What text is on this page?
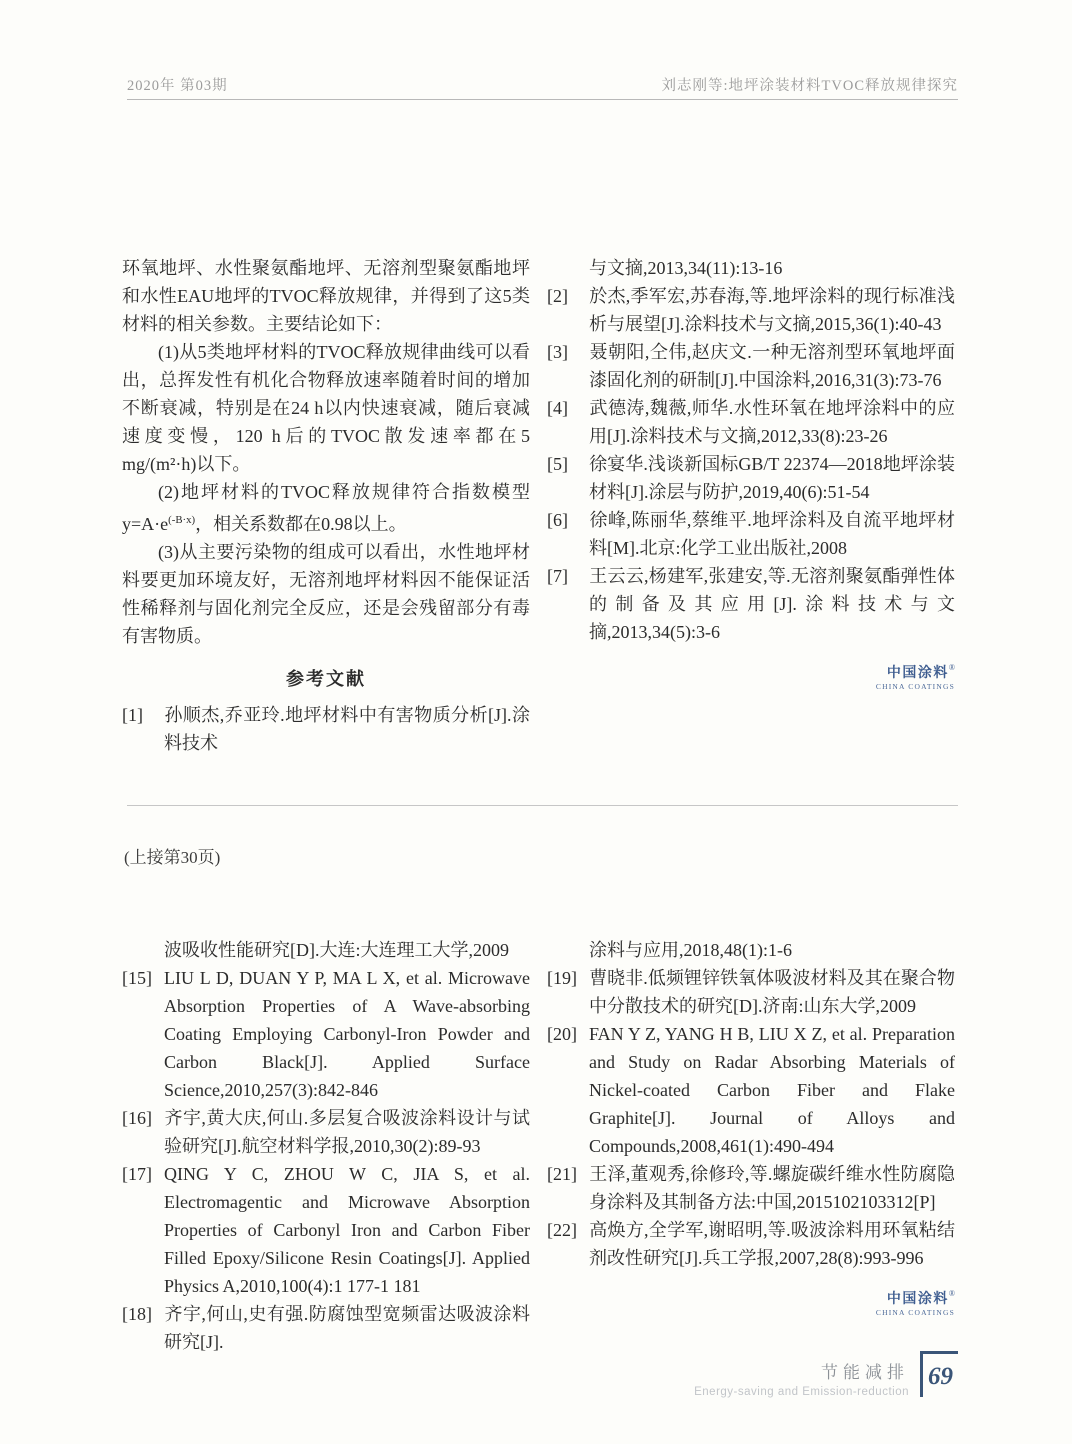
2020年 第03期	刘志刚等:地坪涂装材料TVOC释放规律探究

环氧地坪、水性聚氨酯地坪、无溶剂型聚氨酯地坪和水性EAU地坪的TVOC释放规律，并得到了这5类材料的相关参数。主要结论如下：

(1)从5类地坪材料的TVOC释放规律曲线可以看出，总挥发性有机化合物释放速率随着时间的增加不断衰减，特别是在24 h以内快速衰减，随后衰减速度变慢，120 h后的TVOC散发速率都在5 mg/(m²·h)以下。

(2)地坪材料的TVOC释放规律符合指数模型$y=A\cdot e^{(-B\cdot x)}$，相关系数都在0.98以上。

(3)从主要污染物的组成可以看出，水性地坪材料要更加环境友好，无溶剂地坪材料因不能保证活性稀释剂与固化剂完全反应，还是会残留部分有毒有害物质。

参考文献
[1] 孙顺杰,乔亚玲.地坪材料中有害物质分析[J].涂料技术
与文摘,2013,34(11):13-16
[2] 於杰,季军宏,苏春海,等.地坪涂料的现行标准浅析与展望[J].涂料技术与文摘,2015,36(1):40-43
[3] 聂朝阳,仝伟,赵庆文.一种无溶剂型环氧地坪面漆固化剂的研制[J].中国涂料,2016,31(3):73-76
[4] 武德涛,魏薇,师华.水性环氧在地坪涂料中的应用[J].涂料技术与文摘,2012,33(8):23-26
[5] 徐宴华.浅谈新国标GB/T 22374—2018地坪涂装材料[J].涂层与防护,2019,40(6):51-54
[6] 徐峰,陈丽华,蔡维平.地坪涂料及自流平地坪材料[M].北京:化学工业出版社,2008
[7] 王云云,杨建军,张建安,等.无溶剂聚氨酯弹性体的制备及其应用[J].涂料技术与文摘,2013,34(5):3-6
中国涂料®
CHINA COATINGS
(上接第30页)
波吸收性能研究[D].大连:大连理工大学,2009
[15] LIU L D, DUAN Y P, MA L X, et al. Microwave Absorption Properties of A Wave-absorbing Coating Employing Carbonyl-Iron Powder and Carbon Black[J]. Applied Surface Science,2010,257(3):842-846
[16] 齐宇,黄大庆,何山.多层复合吸波涂料设计与试验研究[J].航空材料学报,2010,30(2):89-93
[17] QING Y C, ZHOU W C, JIA S, et al. Electromagentic and Microwave Absorption Properties of Carbonyl Iron and Carbon Fiber Filled Epoxy/Silicone Resin Coatings[J]. Applied Physics A,2010,100(4):1 177-1 181
[18] 齐宇,何山,史有强.防腐蚀型宽频雷达吸波涂料研究[J].
涂料与应用,2018,48(1):1-6
[19] 曹晓非.低频锂锌铁氧体吸波材料及其在聚合物中分散技术的研究[D].济南:山东大学,2009
[20] FAN Y Z, YANG H B, LIU X Z, et al. Preparation and Study on Radar Absorbing Materials of Nickel-coated Carbon Fiber and Flake Graphite[J]. Journal of Alloys and Compounds,2008,461(1):490-494
[21] 王泽,董观秀,徐修玲,等.螺旋碳纤维水性防腐隐身涂料及其制备方法:中国,2015102103312[P]
[22] 高焕方,全学军,谢昭明,等.吸波涂料用环氧粘结剂改性研究[J].兵工学报,2007,28(8):993-996
中国涂料®
CHINA COATINGS
节能减排
Energy-saving and Emission-reduction
69
